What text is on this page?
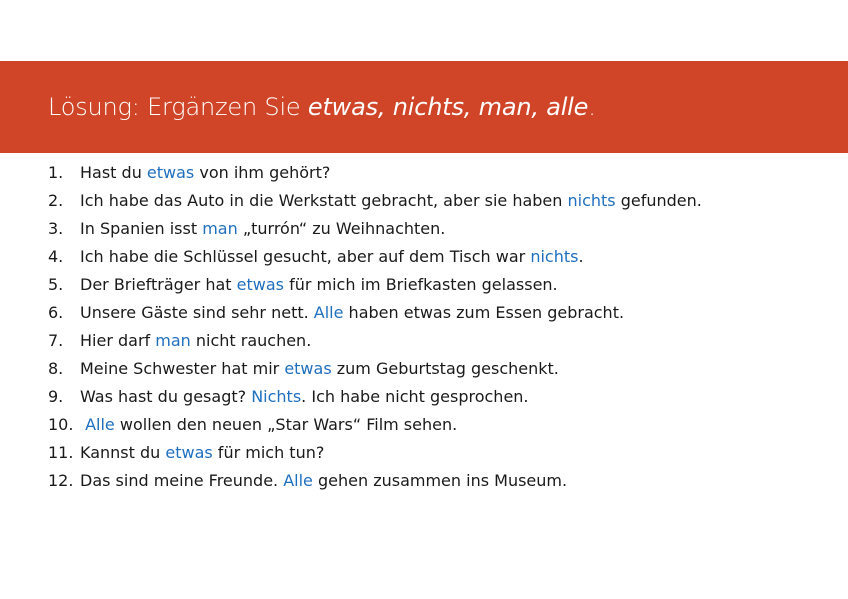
Lösung: Ergänzen Sie etwas, nichts, man, alle.
1. Hast du etwas von ihm gehört?
2. Ich habe das Auto in die Werkstatt gebracht, aber sie haben nichts gefunden.
3. In Spanien isst man „turrón“ zu Weihnachten.
4. Ich habe die Schlüssel gesucht, aber auf dem Tisch war nichts.
5. Der Briefträger hat etwas für mich im Briefkasten gelassen.
6. Unsere Gäste sind sehr nett. Alle haben etwas zum Essen gebracht.
7. Hier darf man nicht rauchen.
8. Meine Schwester hat mir etwas zum Geburtstag geschenkt.
9. Was hast du gesagt? Nichts. Ich habe nicht gesprochen.
10. Alle wollen den neuen „Star Wars“ Film sehen.
11. Kannst du etwas für mich tun?
12. Das sind meine Freunde. Alle gehen zusammen ins Museum.
